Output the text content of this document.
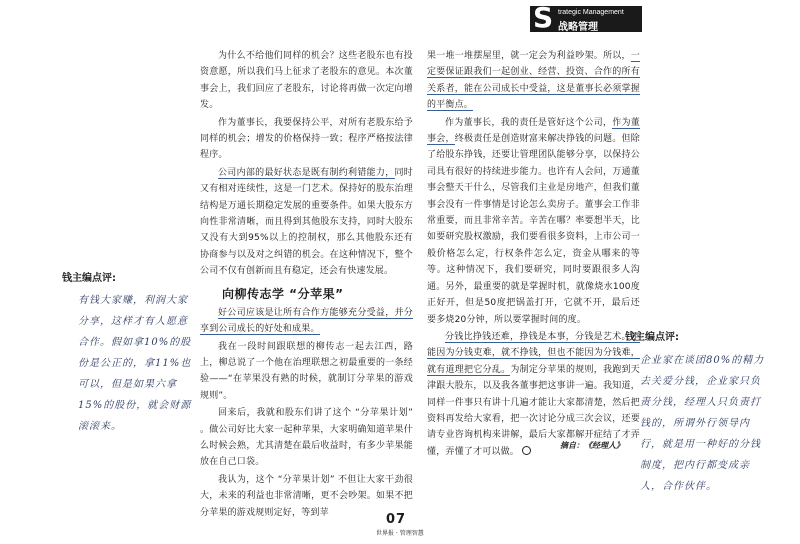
S trategic Management
战略管理

为什么不给他们同样的机会？这些老股东也有投资意愿，所以我们马上征求了老股东的意见。本次董事会上，我们回应了老股东，讨论将再做一次定向增发。

作为董事长，我要保持公平，对所有老股东给予同样的机会；增发的价格保持一致；程序严格按法律程序。

公司内部的最好状态是既有制约利错能力，同时又有相对连续性，这是一门艺术。保持好的股东治理结构是万通长期稳定发展的重要条件。如果大股东方向性非常清晰，而且得到其他股东支持，同时大股东又没有大到95%以上的控制权，那么其他股东还有协商参与以及对之纠错的机会。在这种情况下，整个公司不仅有创新而且有稳定，还会有快速发展。

向柳传志学 “分苹果”

好公司应该是让所有合作方能够充分受益，并分享到公司成长的好处和成果。

我在一段时间跟联想的柳传志一起去江西，路上，柳总说了一个他在治理联想之初最重要的一条经验——“在苹果没有熟的时候，就制订分苹果的游戏规则”。

回来后，我就和股东们讲了这个 “分苹果计划” 。做公司好比大家一起种苹果，大家明确知道苹果什么时候会熟，尤其清楚在最后收益时，有多少苹果能放在自己口袋。

我认为，这个 “分苹果计划” 不但让大家干劲很大，未来的利益也非常清晰，更不会吵架。如果不把分苹果的游戏规则定好，等到苹

果一堆一堆摆屋里，就一定会为利益吵架。所以，一定要保证跟我们一起创业、经营、投资、合作的所有关系者，能在公司成长中受益，这是董事长必须掌握的平衡点。

作为董事长，我的责任是管好这个公司，作为董事会，终极责任是创造财富来解决挣钱的问题。但除了给股东挣钱，还要让管理团队能够分享，以保持公司具有很好的持续进步能力。也许有人会问，万通董事会整天干什么，尽管我们主业是房地产，但我们董事会没有一件事情是讨论怎么卖房子。董事会工作非常重要，而且非常辛苦。辛苦在哪？率要想半天，比如要研究股权激励，我们要看很多资料，上市公司一般价格怎么定，行权条件怎么定，资金从哪来的等等。这种情况下，我们要研究，同时要跟很多人沟通。另外，最重要的就是掌握时机，就像烧水100度正好开，但是50度把锅盖打开，它就不开，最后还要多烧20分钟，所以要掌握时间的度。

分钱比挣钱还难，挣钱是本事，分钱是艺术。不能因为分钱吏难，就不挣钱，但也不能因为分钱难，就有道理把它分乱。为制定分苹果的规则，我跑到天津跟大股东，以及我各董事把这事讲一遍。我知道，同样一件事只有讲十几遍才能让大家都清楚，然后把资料再发给大家看，把一次讨论分成三次会议，还要请专业咨询机构来讲解，最后大家都解开症结了才弄懂，弄懂了才可以做。

摘自：《经理人》
钱主编点评:
有钱大家赚，利润大家分享，这样才有人愿意合作。假如拿10%的股份是公正的，拿11%也可以，但是如果六拿15%的股份，就会财源滚滚来。
钱主编点评:
企业家在谈团80%的精力去关爱分钱，企业家只负责分钱，经理人只负责打钱的，所谓外行领导内行，就是用一种好的分钱制度，把内行都变成亲人，合作伙伴。
07
世界报 · 管理智慧
